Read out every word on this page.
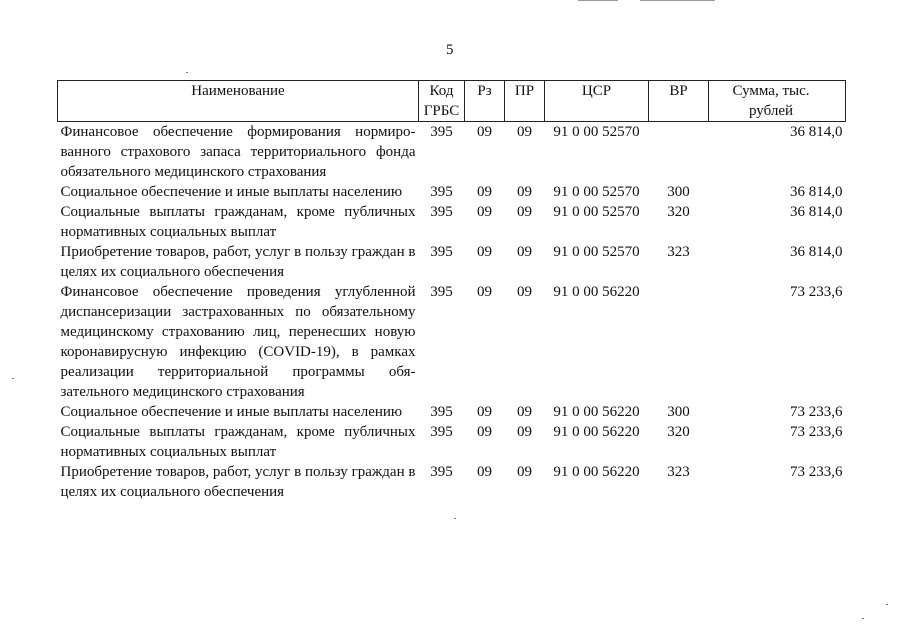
5
Наименование	Код ГРБС	Рз	ПР	ЦСР	ВР	Сумма, тыс. рублей
Финансовое обеспечение формирования нормиро-ванного страхового запаса территориального фонда обязательного медицинского страхования	395	09	09	91 0 00 52570		36 814,0
Социальное обеспечение и иные выплаты населению	395	09	09	91 0 00 52570	300	36 814,0
Социальные выплаты гражданам, кроме публичных нормативных социальных выплат	395	09	09	91 0 00 52570	320	36 814,0
Приобретение товаров, работ, услуг в пользу граждан в целях их социального обеспечения	395	09	09	91 0 00 52570	323	36 814,0
Финансовое обеспечение проведения углубленной диспансеризации застрахованных по обязательному медицинскому страхованию лиц, перенесших новую коронавирусную инфекцию (COVID-19), в рамках реализации территориальной программы обя-зательного медицинского страхования	395	09	09	91 0 00 56220		73 233,6
Социальное обеспечение и иные выплаты населению	395	09	09	91 0 00 56220	300	73 233,6
Социальные выплаты гражданам, кроме публичных нормативных социальных выплат	395	09	09	91 0 00 56220	320	73 233,6
Приобретение товаров, работ, услуг в пользу граждан в целях их социального обеспечения	395	09	09	91 0 00 56220	323	73 233,6
